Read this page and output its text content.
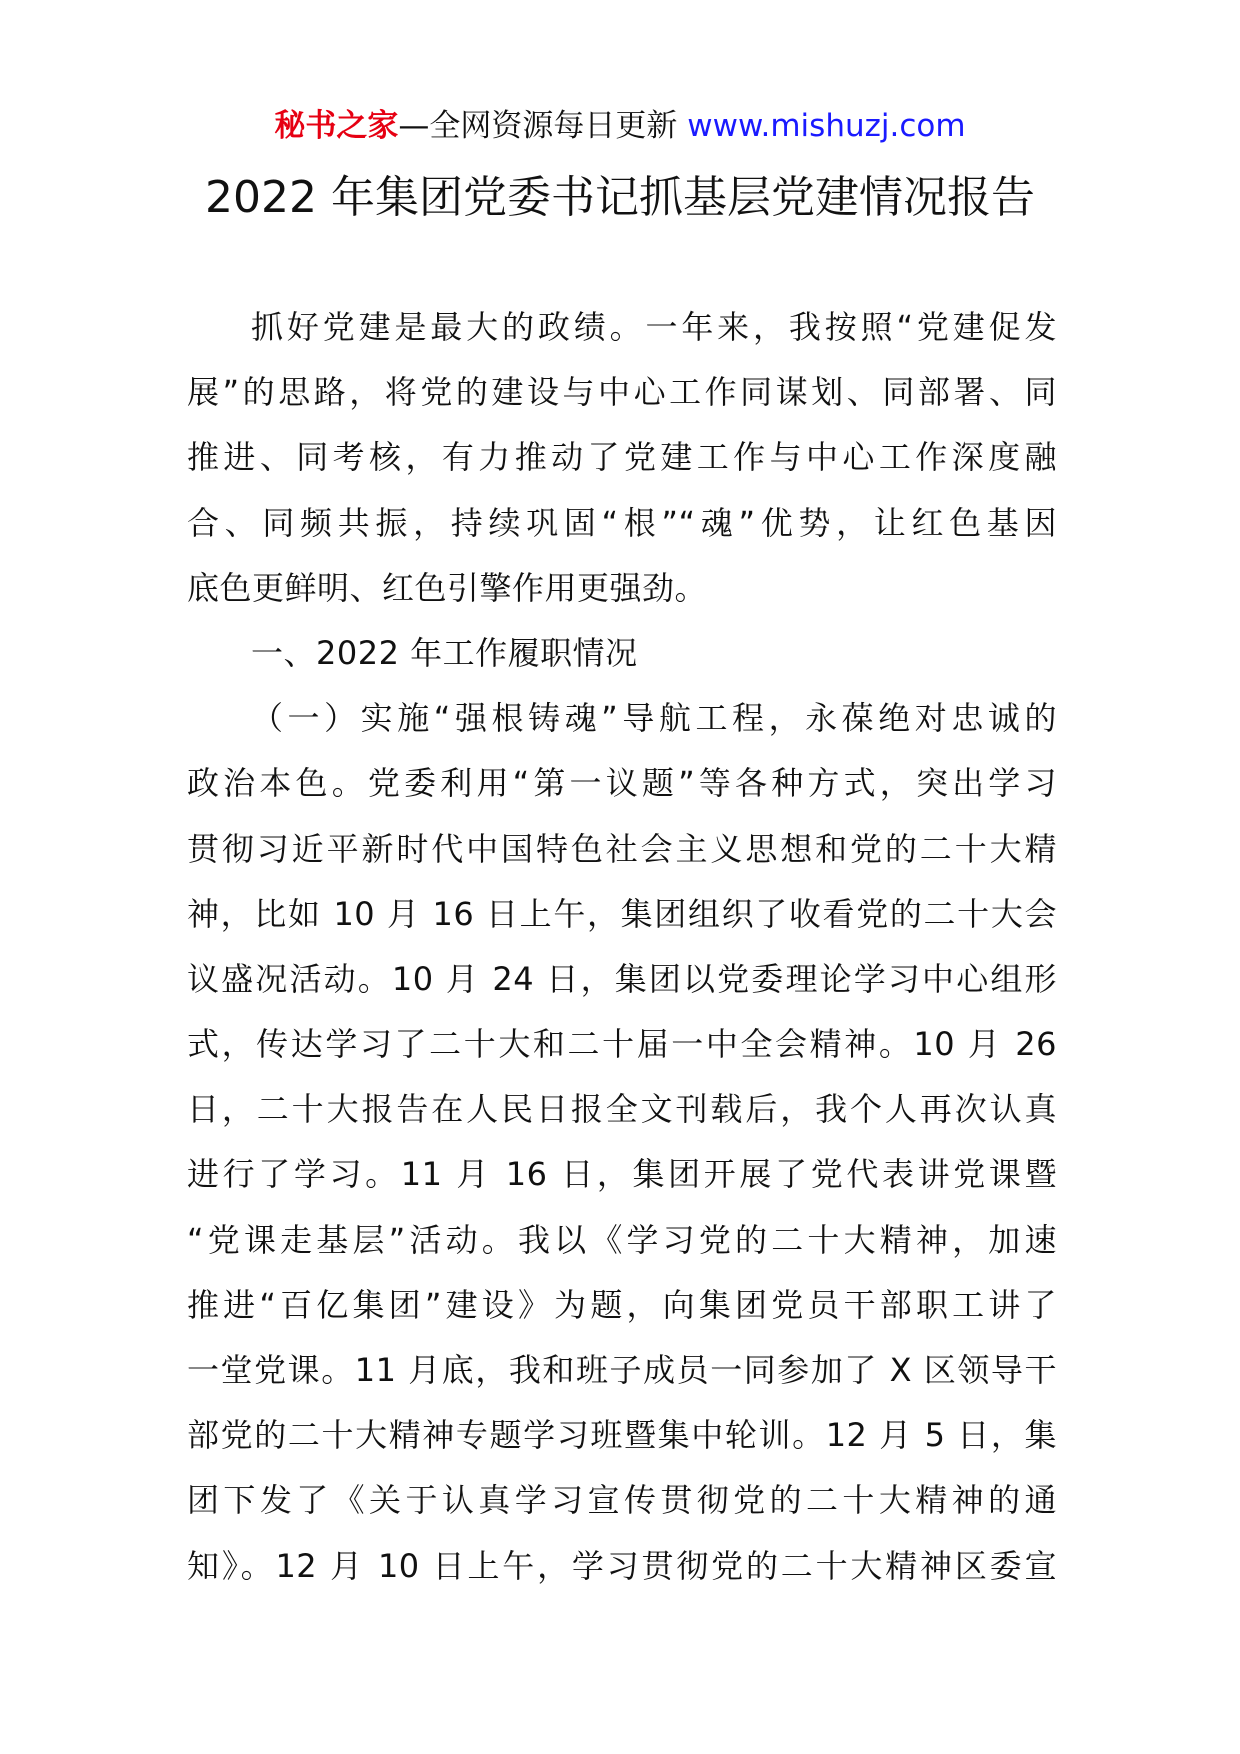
秘书之家—全网资源每日更新 www.mishuzj.com
2022 年集团党委书记抓基层党建情况报告
抓好党建是最大的政绩。一年来，我按照“党建促发
展”的思路，将党的建设与中心工作同谋划、同部署、同
推进、同考核，有力推动了党建工作与中心工作深度融
合、同频共振，持续巩固“根”“魂”优势，让红色基因
底色更鲜明、红色引擎作用更强劲。
一、2022 年工作履职情况
（一）实施“强根铸魂”导航工程，永葆绝对忠诚的
政治本色。党委利用“第一议题”等各种方式，突出学习
贯彻习近平新时代中国特色社会主义思想和党的二十大精
神，比如 10 月 16 日上午，集团组织了收看党的二十大会
议盛况活动。10 月 24 日，集团以党委理论学习中心组形
式，传达学习了二十大和二十届一中全会精神。10 月 26
日，二十大报告在人民日报全文刊载后，我个人再次认真
进行了学习。11 月 16 日，集团开展了党代表讲党课暨
“党课走基层”活动。我以《学习党的二十大精神，加速
推进“百亿集团”建设》为题，向集团党员干部职工讲了
一堂党课。11 月底，我和班子成员一同参加了 X 区领导干
部党的二十大精神专题学习班暨集中轮训。12 月 5 日，集
团下发了《关于认真学习宣传贯彻党的二十大精神的通
知》。12 月 10 日上午，学习贯彻党的二十大精神区委宣
